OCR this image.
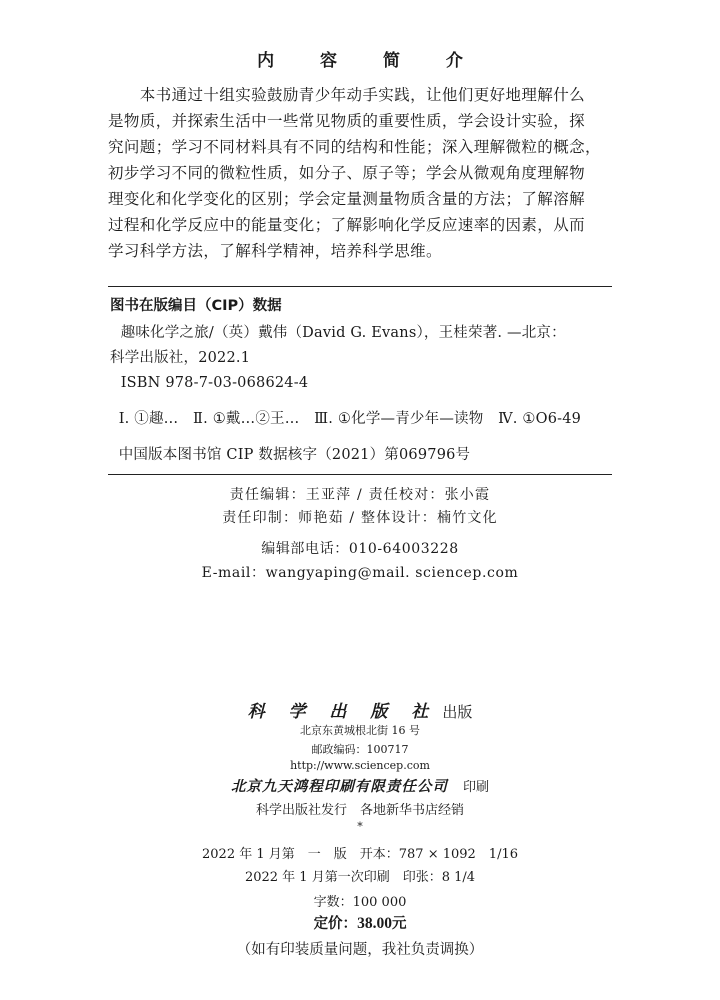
内 容 简 介
　　本书通过十组实验鼓励青少年动手实践，让他们更好地理解什么
是物质，并探索生活中一些常见物质的重要性质，学会设计实验，探
究问题；学习不同材料具有不同的结构和性能；深入理解微粒的概念，
初步学习不同的微粒性质，如分子、原子等；学会从微观角度理解物
理变化和化学变化的区别；学会定量测量物质含量的方法；了解溶解
过程和化学反应中的能量变化；了解影响化学反应速率的因素，从而
学习科学方法，了解科学精神，培养科学思维。
图书在版编目（CIP）数据
　趣味化学之旅/（英）戴伟（David G. Evans），王桂荣著. —北京：
科学出版社，2022.1
　ISBN 978-7-03-068624-4
　Ⅰ. ①趣…　Ⅱ. ①戴…②王…　Ⅲ. ①化学—青少年—读物　Ⅳ. ①O6-49
　中国版本图书馆 CIP 数据核字（2021）第069796号
责任编辑：王亚萍 / 责任校对：张小霞
责任印制：师艳茹 / 整体设计：楠竹文化
编辑部电话：010-64003228
E-mail：wangyaping@mail. sciencep.com
科 学 出 版 社 出版
北京东黄城根北街 16 号
邮政编码：100717
http://www.sciencep.com
北京九天鸿程印刷有限责任公司 印刷
科学出版社发行　各地新华书店经销
*
2022 年 1 月第　一　版　开本：787 × 1092　1/16
2022 年 1 月第一次印刷　印张：8 1/4
字数：100 000
定价：38.00元
（如有印装质量问题，我社负责调换）
